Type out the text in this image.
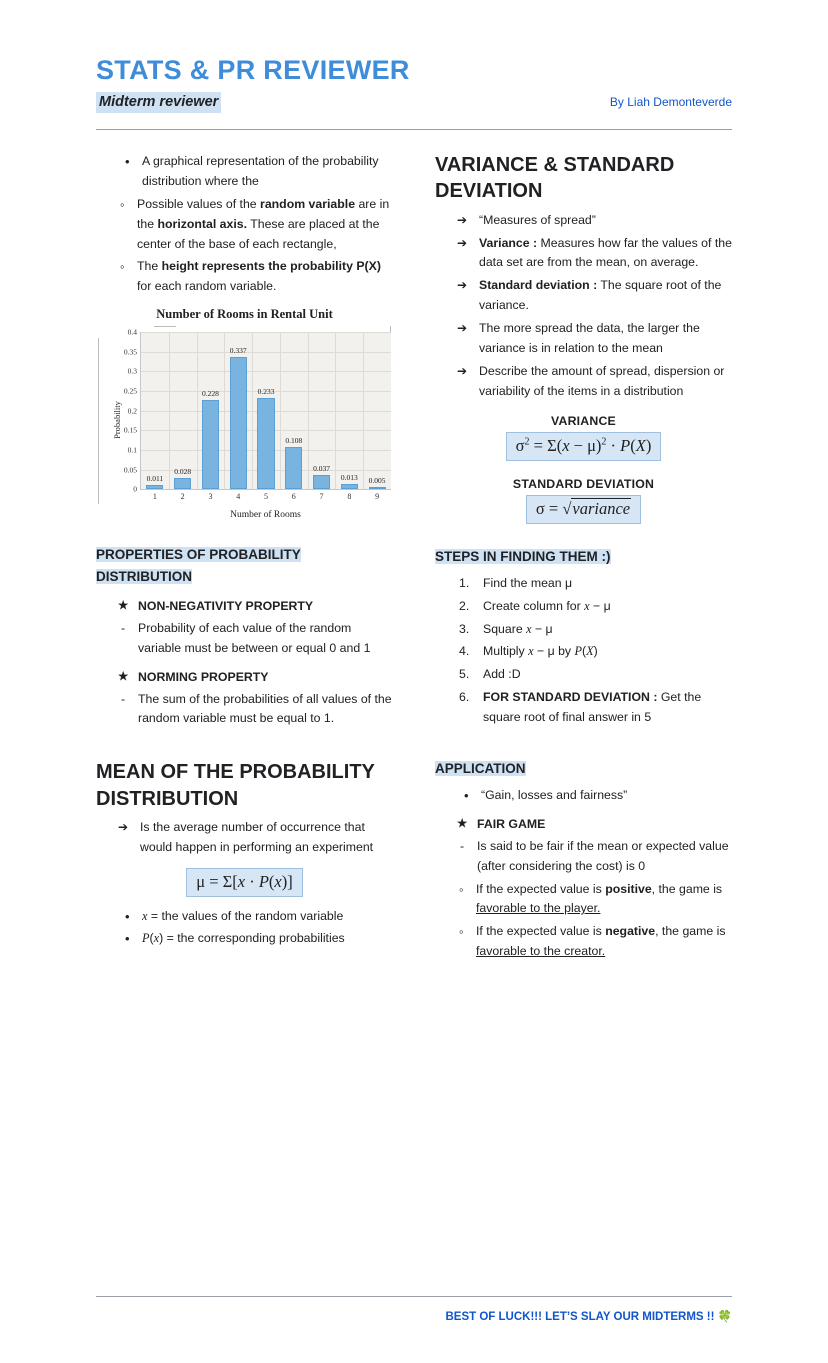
STATS & PR REVIEWER
Midterm reviewer	By Liah Demonteverde
• A graphical representation of the probability distribution where the
◦ Possible values of the random variable are in the horizontal axis. These are placed at the center of the base of each rectangle,
◦ The height represents the probability P(X) for each random variable.
Number of Rooms in Rental Unit
Probability
0
0.05
0.1
0.15
0.2
0.25
0.3
0.35
0.4
0.011
1
0.028
2
0.228
3
0.337
4
0.233
5
0.108
6
0.037
7
0.013
8
0.005
9
Number of Rooms
PROPERTIES OF PROBABILITY DISTRIBUTION
★ NON-NEGATIVITY PROPERTY
- Probability of each value of the random variable must be between or equal 0 and 1
★ NORMING PROPERTY
- The sum of the probabilities of all values of the random variable must be equal to 1.
MEAN OF THE PROBABILITY DISTRIBUTION
➔ Is the average number of occurrence that would happen in performing an experiment
μ = Σ[x · P(x)]
• x = the values of the random variable
• P(x) = the corresponding probabilities
VARIANCE & STANDARD DEVIATION
➔ “Measures of spread”
➔ Variance : Measures how far the values of the data set are from the mean, on average.
➔ Standard deviation : The square root of the variance.
➔ The more spread the data, the larger the variance is in relation to the mean
➔ Describe the amount of spread, dispersion or variability of the items in a distribution
VARIANCE
$\sigma^2 = \Sigma(x - \mu)^2 \cdot P(X)$
STANDARD DEVIATION
σ = √variance
STEPS IN FINDING THEM :)
Find the mean μ
Create column for x − μ
Square x − μ
Multiply x − μ by P(X)
Add :D
FOR STANDARD DEVIATION : Get the square root of final answer in 5
APPLICATION
• “Gain, losses and fairness”
★ FAIR GAME
- Is said to be fair if the mean or expected value (after considering the cost) is 0
◦ If the expected value is positive, the game is favorable to the player.
◦ If the expected value is negative, the game is favorable to the creator.
BEST OF LUCK!!! LET’S SLAY OUR MIDTERMS !! 🍀
